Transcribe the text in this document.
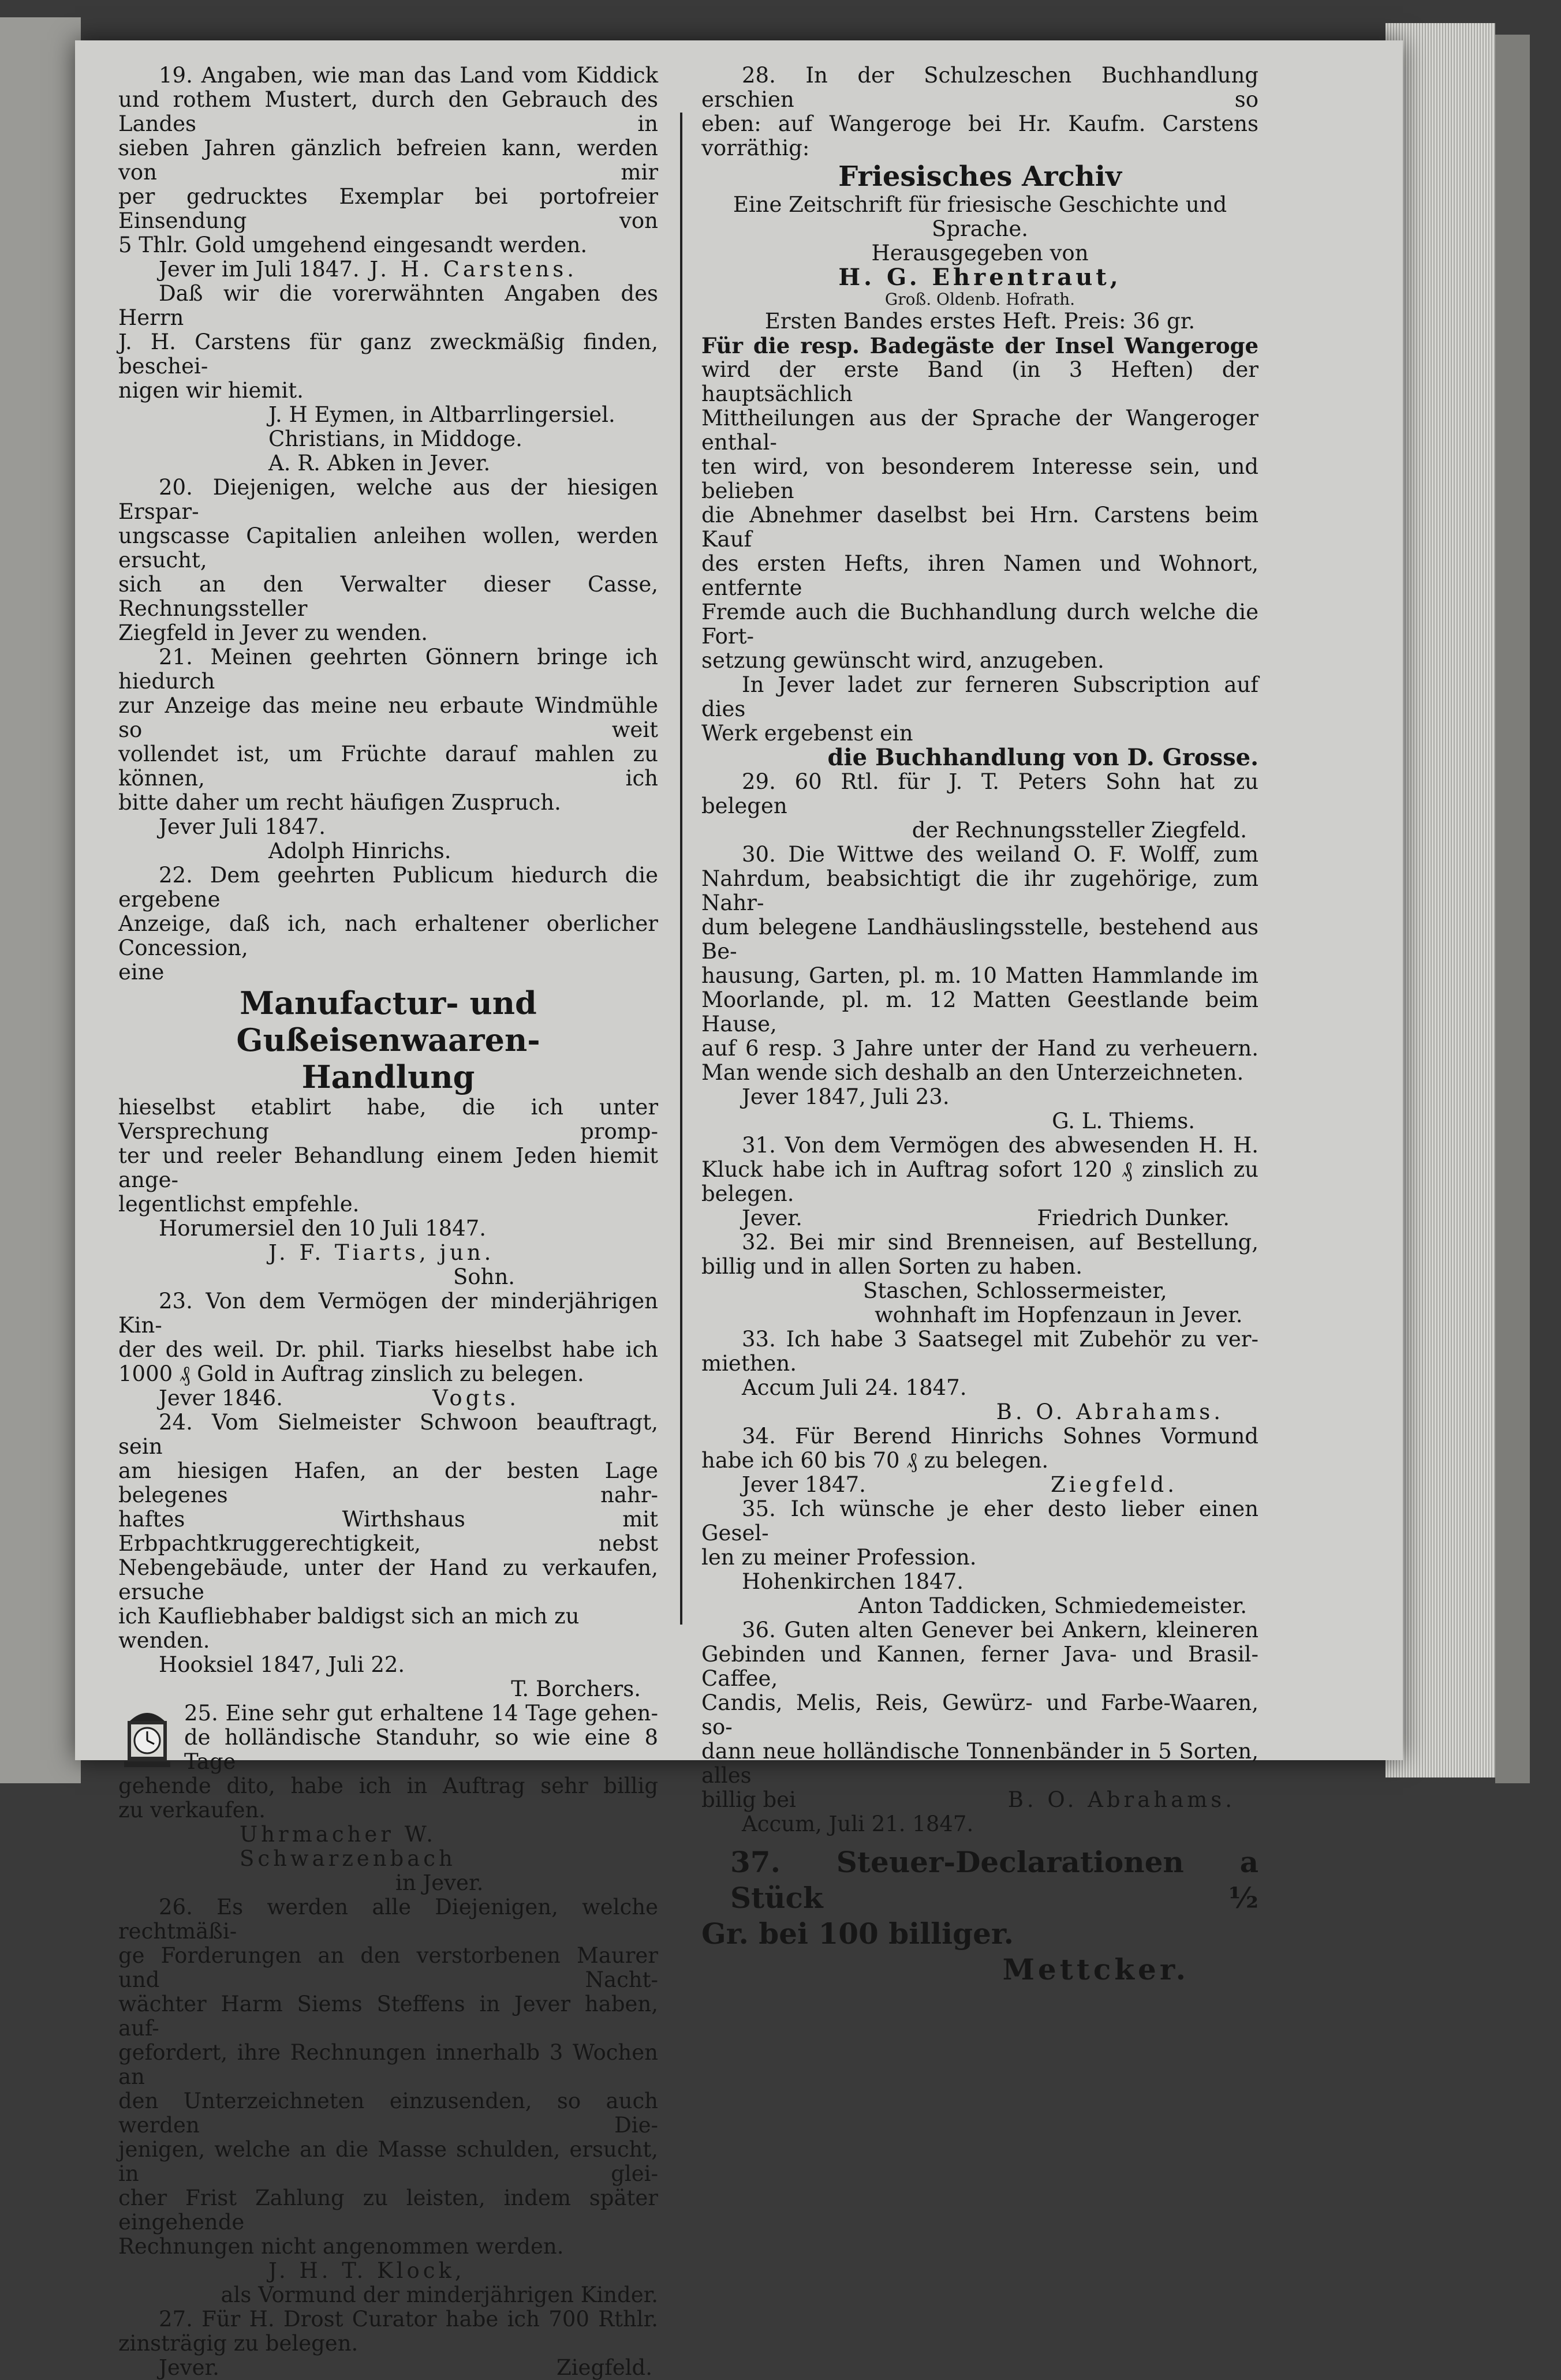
19. Angaben, wie man das Land vom Kiddick

und rothem Mustert, durch den Gebrauch des Landes in

sieben Jahren gänzlich befreien kann, werden von mir

per gedrucktes Exemplar bei portofreier Einsendung von

5 Thlr. Gold umgehend eingesandt werden.

Jever im Juli 1847. J. H. Carstens.

Daß wir die vorerwähnten Angaben des Herrn

J. H. Carstens für ganz zweckmäßig finden, beschei-

nigen wir hiemit.

J. H Eymen, in Altbarrlingersiel.

Christians, in Middoge.

A. R. Abken in Jever.

20. Diejenigen, welche aus der hiesigen Erspar-

ungscasse Capitalien anleihen wollen, werden ersucht,

sich an den Verwalter dieser Casse, Rechnungssteller

Ziegfeld in Jever zu wenden.

21. Meinen geehrten Gönnern bringe ich hiedurch

zur Anzeige das meine neu erbaute Windmühle so weit

vollendet ist, um Früchte darauf mahlen zu können, ich

bitte daher um recht häufigen Zuspruch.

Jever Juli 1847.

Adolph Hinrichs.

22. Dem geehrten Publicum hiedurch die ergebene

Anzeige, daß ich, nach erhaltener oberlicher Concession,

eine

Manufactur- und Gußeisenwaaren-

Handlung

hieselbst etablirt habe, die ich unter Versprechung promp-

ter und reeler Behandlung einem Jeden hiemit ange-

legentlichst empfehle.

Horumersiel den 10 Juli 1847.

J. F. Tiarts, jun.

Sohn.

23. Von dem Vermögen der minderjährigen Kin-

der des weil. Dr. phil. Tiarks hieselbst habe ich

1000 ₰ Gold in Auftrag zinslich zu belegen.

Jever 1846.	Vogts.

24. Vom Sielmeister Schwoon beauftragt, sein

am hiesigen Hafen, an der besten Lage belegenes nahr-

haftes Wirthshaus mit Erbpachtkruggerechtigkeit, nebst

Nebengebäude, unter der Hand zu verkaufen, ersuche

ich Kaufliebhaber baldigst sich an mich zu wenden.

Hooksiel 1847, Juli 22.

T. Borchers.

25. Eine sehr gut erhaltene 14 Tage gehen-

de holländische Standuhr, so wie eine 8 Tage

gehende dito, habe ich in Auftrag sehr billig

zu verkaufen.

Uhrmacher W. Schwarzenbach

in Jever.

26. Es werden alle Diejenigen, welche rechtmäßi-

ge Forderungen an den verstorbenen Maurer und Nacht-

wächter Harm Siems Steffens in Jever haben, auf-

gefordert, ihre Rechnungen innerhalb 3 Wochen an

den Unterzeichneten einzusenden, so auch werden Die-

jenigen, welche an die Masse schulden, ersucht, in glei-

cher Frist Zahlung zu leisten, indem später eingehende

Rechnungen nicht angenommen werden.

J. H. T. Klock,

als Vormund der minderjährigen Kinder.

27. Für H. Drost Curator habe ich 700 Rthlr.

zinsträgig zu belegen.

Jever.	Ziegfeld.

28. In der Schulzeschen Buchhandlung erschien so

eben: auf Wangeroge bei Hr. Kaufm. Carstens

vorräthig:

Friesisches Archiv

Eine Zeitschrift für friesische Geschichte und Sprache.

Herausgegeben von

H. G. Ehrentraut,

Groß. Oldenb. Hofrath.

Ersten Bandes erstes Heft. Preis: 36 gr.

Für die resp. Badegäste der Insel Wangeroge

wird der erste Band (in 3 Heften) der hauptsächlich

Mittheilungen aus der Sprache der Wangeroger enthal-

ten wird, von besonderem Interesse sein, und belieben

die Abnehmer daselbst bei Hrn. Carstens beim Kauf

des ersten Hefts, ihren Namen und Wohnort, entfernte

Fremde auch die Buchhandlung durch welche die Fort-

setzung gewünscht wird, anzugeben.

In Jever ladet zur ferneren Subscription auf dies

Werk ergebenst ein

die Buchhandlung von D. Grosse.

29. 60 Rtl. für J. T. Peters Sohn hat zu

belegen

der Rechnungssteller Ziegfeld.

30. Die Wittwe des weiland O. F. Wolff, zum

Nahrdum, beabsichtigt die ihr zugehörige, zum Nahr-

dum belegene Landhäuslingsstelle, bestehend aus Be-

hausung, Garten, pl. m. 10 Matten Hammlande im

Moorlande, pl. m. 12 Matten Geestlande beim Hause,

auf 6 resp. 3 Jahre unter der Hand zu verheuern.

Man wende sich deshalb an den Unterzeichneten.

Jever 1847, Juli 23.

G. L. Thiems.

31. Von dem Vermögen des abwesenden H. H.

Kluck habe ich in Auftrag sofort 120 ₰ zinslich zu

belegen.

Jever.	Friedrich Dunker.

32. Bei mir sind Brenneisen, auf Bestellung,

billig und in allen Sorten zu haben.

Staschen, Schlossermeister,

wohnhaft im Hopfenzaun in Jever.

33. Ich habe 3 Saatsegel mit Zubehör zu ver-

miethen.

Accum Juli 24. 1847.

B. O. Abrahams.

34. Für Berend Hinrichs Sohnes Vormund

habe ich 60 bis 70 ₰ zu belegen.

Jever 1847.	Ziegfeld.

35. Ich wünsche je eher desto lieber einen Gesel-

len zu meiner Profession.

Hohenkirchen 1847.

Anton Taddicken, Schmiedemeister.

36. Guten alten Genever bei Ankern, kleineren

Gebinden und Kannen, ferner Java- und Brasil-Caffee,

Candis, Melis, Reis, Gewürz- und Farbe-Waaren, so-

dann neue holländische Tonnenbänder in 5 Sorten, alles

billig bei	B. O. Abrahams.

Accum, Juli 21. 1847.

37. Steuer-Declarationen a Stück ½

Gr. bei 100 billiger.

Mettcker.
